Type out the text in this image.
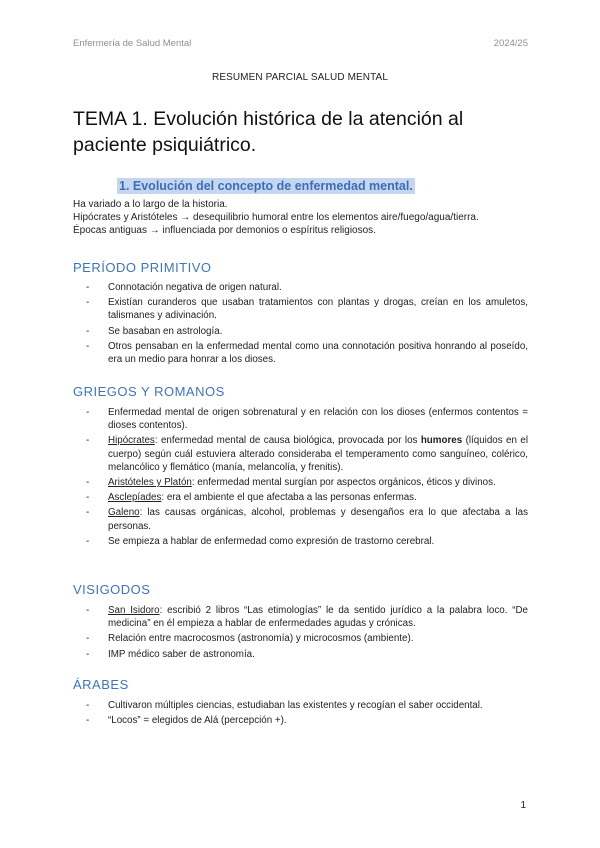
Enfermería de Salud Mental	2024/25
RESUMEN PARCIAL SALUD MENTAL
TEMA 1. Evolución histórica de la atención al paciente psiquiátrico.
1. Evolución del concepto de enfermedad mental.
Ha variado a lo largo de la historia.
Hipócrates y Aristóteles → desequilibrio humoral entre los elementos aire/fuego/agua/tierra.
Épocas antiguas → influenciada por demonios o espíritus religiosos.
PERÍODO PRIMITIVO
- Connotación negativa de origen natural.
- Existían curanderos que usaban tratamientos con plantas y drogas, creían en los amuletos, talismanes y adivinación.
- Se basaban en astrología.
- Otros pensaban en la enfermedad mental como una connotación positiva honrando al poseído, era un medio para honrar a los dioses.
GRIEGOS Y ROMANOS
- Enfermedad mental de origen sobrenatural y en relación con los dioses (enfermos contentos = dioses contentos).
- Hipócrates: enfermedad mental de causa biológica, provocada por los humores (líquidos en el cuerpo) según cuál estuviera alterado consideraba el temperamento como sanguíneo, colérico, melancólico y flemático (manía, melancolía, y frenitis).
- Aristóteles y Platón: enfermedad mental surgían por aspectos orgánicos, éticos y divinos.
- Asclepíades: era el ambiente el que afectaba a las personas enfermas.
- Galeno: las causas orgánicas, alcohol, problemas y desengaños era lo que afectaba a las personas.
- Se empieza a hablar de enfermedad como expresión de trastorno cerebral.
VISIGODOS
- San Isidoro: escribió 2 libros “Las etimologías” le da sentido jurídico a la palabra loco. “De medicina” en él empieza a hablar de enfermedades agudas y crónicas.
- Relación entre macrocosmos (astronomía) y microcosmos (ambiente).
- IMP médico saber de astronomía.
ÁRABES
- Cultivaron múltiples ciencias, estudiaban las existentes y recogían el saber occidental.
- “Locos” = elegidos de Alá (percepción +).
1
